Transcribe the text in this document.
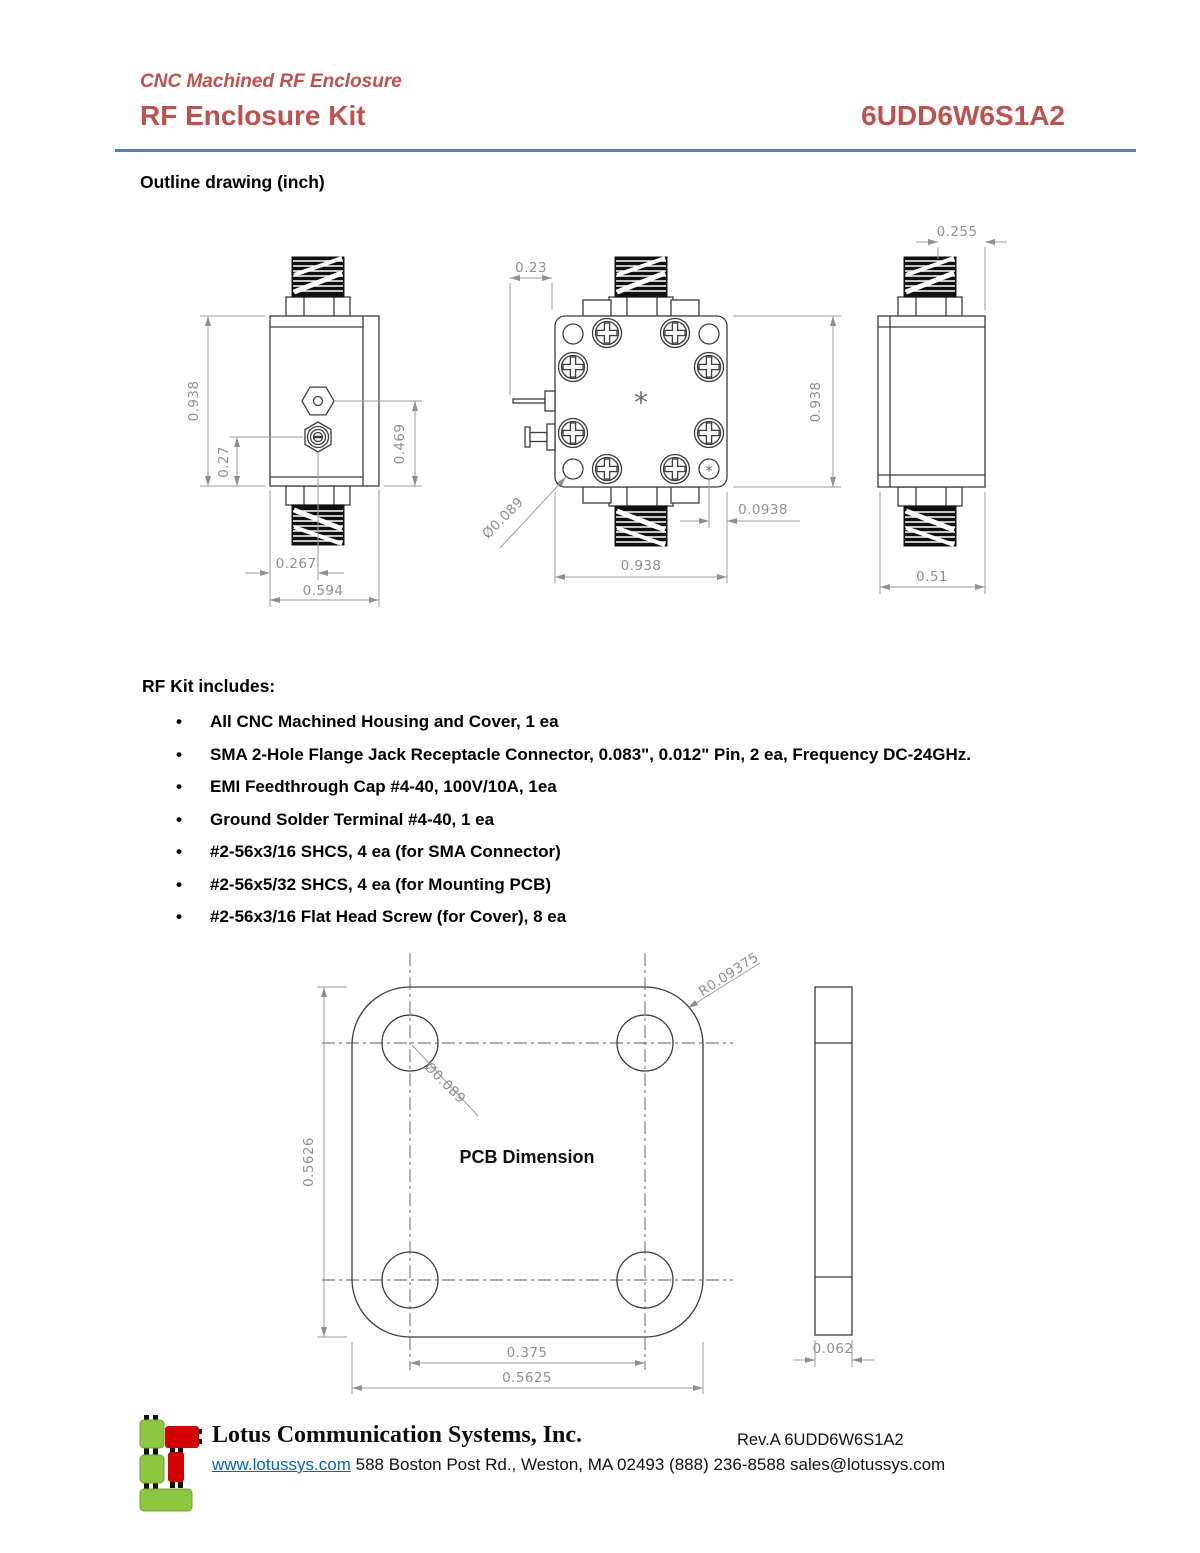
CNC Machined RF Enclosure
RF Enclosure Kit	6UDD6W6S1A2
Outline drawing (inch)
0.938
0.27	0.469
0.267
0.594
*
*
0.23
0.938
0.938
Ø0.089	0.0938
0.255
0.51
RF Kit includes:
•	All CNC Machined Housing and Cover, 1 ea
•	SMA 2-Hole Flange Jack Receptacle Connector, 0.083", 0.012" Pin, 2 ea, Frequency DC-24GHz.
•	EMI Feedthrough Cap #4-40, 100V/10A, 1ea
•	Ground Solder Terminal #4-40, 1 ea
•	#2-56x3/16 SHCS, 4 ea (for SMA Connector)
•	#2-56x5/32 SHCS, 4 ea (for Mounting PCB)
•	#2-56x3/16 Flat Head Screw (for Cover), 8 ea
0.5626
R0.09375
Ø0.089
PCB Dimension
0.375
0.5625
0.062
Lotus Communication Systems, Inc.	Rev.A 6UDD6W6S1A2
www.lotussys.com 588 Boston Post Rd., Weston, MA 02493 (888) 236-8588 sales@lotussys.com
